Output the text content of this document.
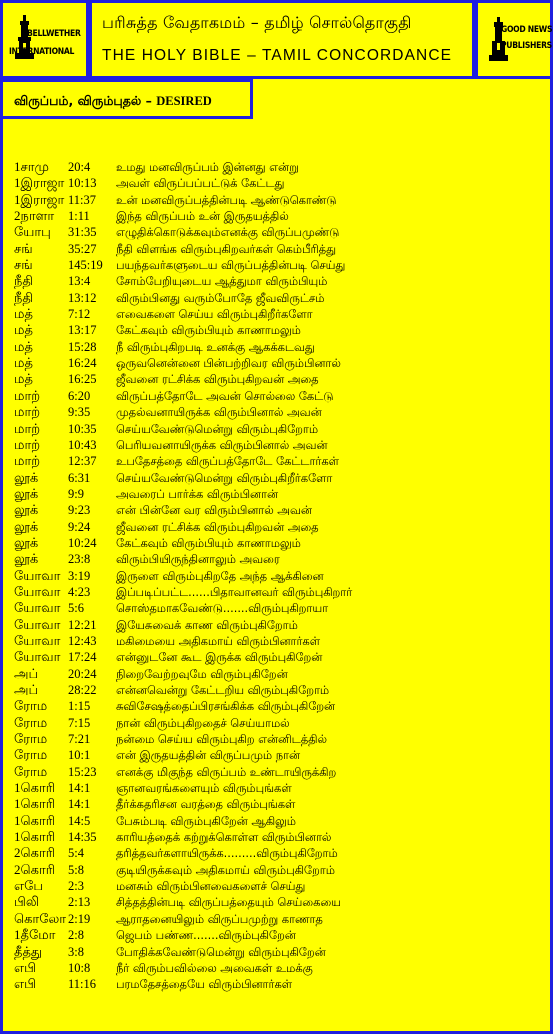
BELLWETHER
INTERNATIONAL
பரிசுத்த வேதாகமம் – தமிழ் சொல்தொகுதி
THE HOLY BIBLE – TAMIL CONCORDANCE
GOOD NEWS
PUBLISHERS
விருப்பம், விரும்புதல் – DESIRED
1சாமு 20:4 உமது மனவிருப்பம் இன்னது என்று
1இராஜா 10:13 அவள் விருப்பப்பட்டுக் கேட்டது
1இராஜா 11:37 உன் மனவிருப்பத்தின்படி ஆண்டுகொண்டு
2நாளா 1:11 இந்த விருப்பம் உன் இருதயத்தில்
யோபு 31:35 எழுதிக்கொடுக்கவும்எனக்கு விருப்பமுண்டு
சங்	35:27 நீதி விளங்க விரும்புகிறவர்கள் கெம்பீரித்து
சங்	145:19 பயந்தவர்களுடைய விருப்பத்தின்படி செய்து
நீதி	13:4 சோம்பேறியுடைய ஆத்துமா விரும்பியும்
நீதி	13:12 விரும்பினது வரும்போதே ஜீவவிருட்சம்
மத்	7:12 எவைகளை செய்ய விரும்புகிறீர்களோ
மத்	13:17 கேட்கவும் விரும்பியும் காணாமலும்
மத்	15:28 நீ விரும்புகிறபடி உனக்கு ஆகக்கடவது
மத்	16:24 ஒருவனென்னை பின்பற்றிவர விரும்பினால்
மத்	16:25 ஜீவனை ரட்சிக்க விரும்புகிறவன் அதை
மாற் 6:20 விருப்பத்தோடே அவன் சொல்லை கேட்டு
மாற் 9:35 முதல்வனாயிருக்க விரும்பினால் அவன்
மாற் 10:35 செய்யவேண்டுமென்று விரும்புகிறோம்
மாற் 10:43 பெரியவனாயிருக்க விரும்பினால் அவன்
மாற் 12:37 உபதேசத்தை விருப்பத்தோடே கேட்டார்கள்
லூக் 6:31 செய்யவேண்டுமென்று விரும்புகிறீர்களோ
லூக் 9:9	அவரைப் பார்க்க விரும்பினான்
லூக் 9:23 என் பின்னே வர விரும்பினால் அவன்
லூக் 9:24 ஜீவனை ரட்சிக்க விரும்புகிறவன் அதை
லூக் 10:24 கேட்கவும் விரும்பியும் காணாமலும்
லூக் 23:8 விரும்பியிருந்தினாலும் அவரை
யோவா 3:19 இருளை விரும்புகிறதே அந்த ஆக்கினை
யோவா 4:23 இப்படிப்பட்ட......பிதாவானவர் விரும்புகிறார்
யோவா 5:6	சொஸ்தமாகவேண்டு.......விரும்புகிறாயா
யோவா 12:21 இயேசுவைக் காண விரும்புகிறோம்
யோவா 12:43 மகிமையை அதிகமாய் விரும்பினார்கள்
யோவா 17:24 என்னுடனே கூட இருக்க விரும்புகிறேன்
அப் 20:24 நிறைவேற்றவுமே விரும்புகிறேன்
அப் 28:22 என்னவென்று கேட்டறிய விரும்புகிறோம்
ரோம 1:15 சுவிசேஷத்தைப்பிரசங்கிக்க விரும்புகிறேன்
ரோம 7:15 நான் விரும்புகிறதைச் செய்யாமல்
ரோம 7:21 நன்மை செய்ய விரும்புகிற என்னிடத்தில்
ரோம 10:1 என் இருதயத்தின் விருப்பமும் நான்
ரோம 15:23 எனக்கு மிகுந்த விருப்பம் உண்டாயிருக்கிற
1கொரி 14:1 ஞானவரங்களையும் விரும்புங்கள்
1கொரி 14:1 தீர்க்கதரிசன வரத்தை விரும்புங்கள்
1கொரி 14:5 பேசும்படி விரும்புகிறேன் ஆகிலும்
1கொரி 14:35 காரியத்தைக் கற்றுக்கொள்ள விரும்பினால்
2கொரி 5:4	தரித்தவர்களாயிருக்க.........விரும்புகிறோம்
2கொரி 5:8	குடியிருக்கவும் அதிகமாய் விரும்புகிறோம்
எபே 2:3	மனசும் விரும்பினவைகளைச் செய்து
பிலி 2:13 சித்தத்தின்படி விருப்பத்தையும் செய்கையை
கொலோ 2:19 ஆராதனையிலும் விருப்பமுற்று காணாத
1தீமோ 2:8	ஜெபம் பண்ண.......விரும்புகிறேன்
தீத்து 3:8	போதிக்கவேண்டுமென்று விரும்புகிறேன்
எபி	10:8 நீர் விரும்பவில்லை அவைகள் உமக்கு
எபி	11:16 பரமதேசத்தையே விரும்பினார்கள்
